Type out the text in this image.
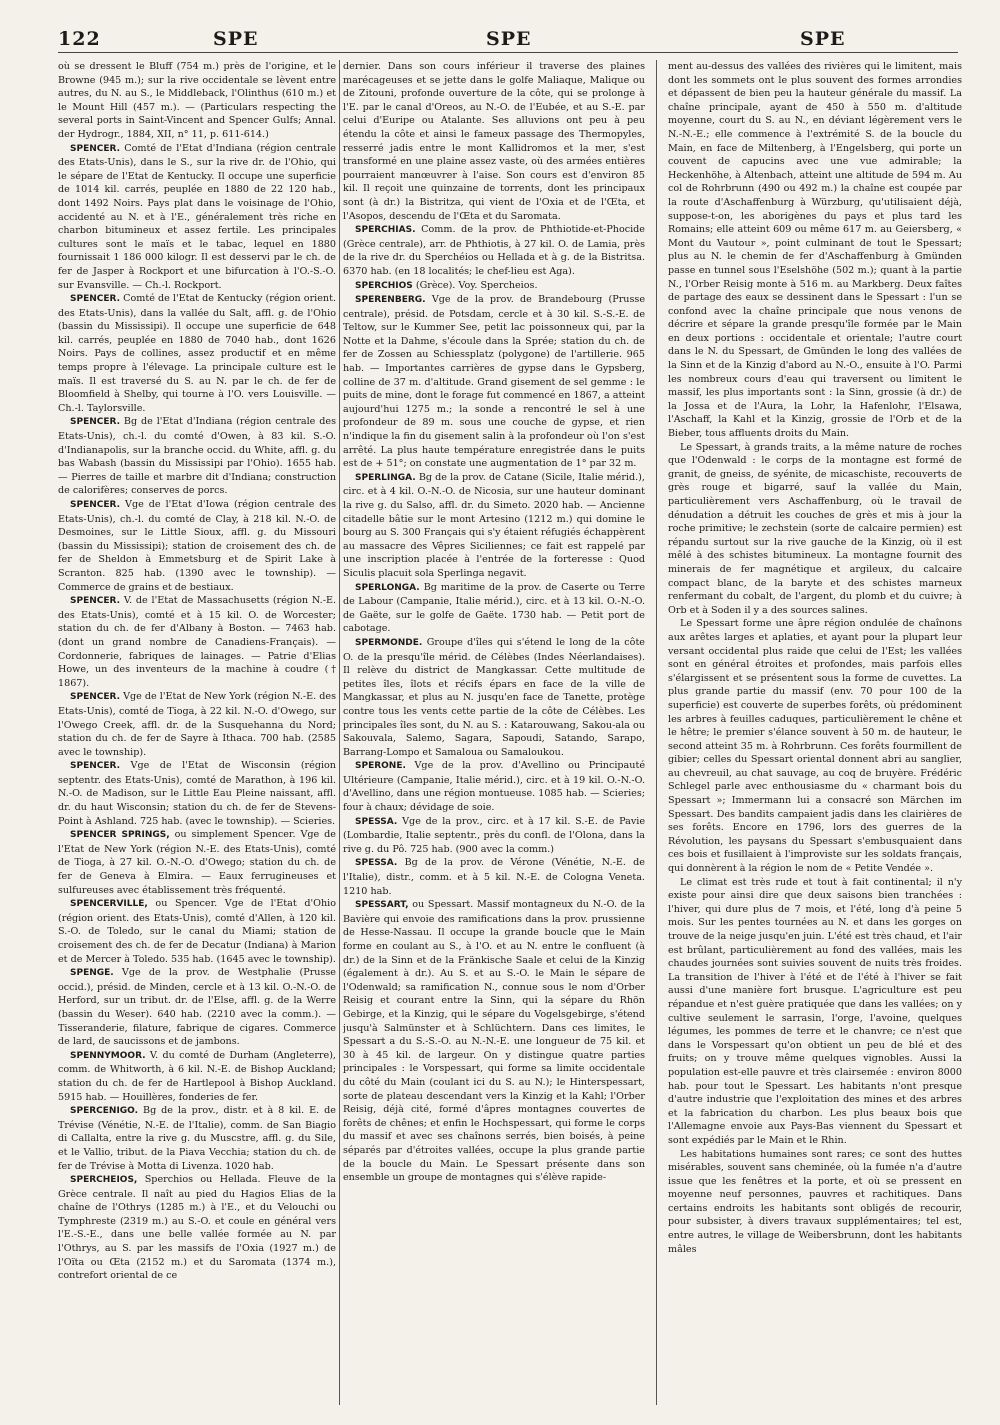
122	SPE	SPE	SPE

où se dressent le Bluff (754 m.) près de l'origine, et le Browne (945 m.); sur la rive occidentale se lèvent entre autres, du N. au S., le Middleback, l'Olinthus (610 m.) et le Mount Hill (457 m.). — (Particulars respecting the several ports in Saint-Vincent and Spencer Gulfs; Annal. der Hydrogr., 1884, XII, n° 11, p. 611-614.)

SPENCER. Comté de l'Etat d'Indiana (région centrale des Etats-Unis), dans le S., sur la rive dr. de l'Ohio, qui le sépare de l'Etat de Kentucky. Il occupe une superficie de 1014 kil. carrés, peuplée en 1880 de 22 120 hab., dont 1492 Noirs. Pays plat dans le voisinage de l'Ohio, accidenté au N. et à l'E., généralement très riche en charbon bitumineux et assez fertile. Les principales cultures sont le maïs et le tabac, lequel en 1880 fournissait 1 186 000 kilogr. Il est desservi par le ch. de fer de Jasper à Rockport et une bifurcation à l'O.-S.-O. sur Evansville. — Ch.-l. Rockport.

SPENCER. Comté de l'Etat de Kentucky (région orient. des Etats-Unis), dans la vallée du Salt, affl. g. de l'Ohio (bassin du Mississipi). Il occupe une superficie de 648 kil. carrés, peuplée en 1880 de 7040 hab., dont 1626 Noirs. Pays de collines, assez productif et en même temps propre à l'élevage. La principale culture est le maïs. Il est traversé du S. au N. par le ch. de fer de Bloomfield à Shelby, qui tourne à l'O. vers Louisville. — Ch.-l. Taylorsville.

SPENCER. Bg de l'Etat d'Indiana (région centrale des Etats-Unis), ch.-l. du comté d'Owen, à 83 kil. S.-O. d'Indianapolis, sur la branche occid. du White, affl. g. du bas Wabash (bassin du Mississipi par l'Ohio). 1655 hab. — Pierres de taille et marbre dit d'Indiana; construction de calorifères; conserves de porcs.

SPENCER. Vge de l'Etat d'Iowa (région centrale des Etats-Unis), ch.-l. du comté de Clay, à 218 kil. N.-O. de Desmoines, sur le Little Sioux, affl. g. du Missouri (bassin du Mississipi); station de croisement des ch. de fer de Sheldon à Emmetsburg et de Spirit Lake à Scranton. 825 hab. (1390 avec le township). — Commerce de grains et de bestiaux.

SPENCER. V. de l'Etat de Massachusetts (région N.-E. des Etats-Unis), comté et à 15 kil. O. de Worcester; station du ch. de fer d'Albany à Boston. — 7463 hab. (dont un grand nombre de Canadiens-Français). — Cordonnerie, fabriques de lainages. — Patrie d'Elias Howe, un des inventeurs de la machine à coudre († 1867).

SPENCER. Vge de l'Etat de New York (région N.-E. des Etats-Unis), comté de Tioga, à 22 kil. N.-O. d'Owego, sur l'Owego Creek, affl. dr. de la Susquehanna du Nord; station du ch. de fer de Sayre à Ithaca. 700 hab. (2585 avec le township).

SPENCER. Vge de l'Etat de Wisconsin (région septentr. des Etats-Unis), comté de Marathon, à 196 kil. N.-O. de Madison, sur le Little Eau Pleine naissant, affl. dr. du haut Wisconsin; station du ch. de fer de Stevens-Point à Ashland. 725 hab. (avec le township). — Scieries.

SPENCER SPRINGS, ou simplement Spencer. Vge de l'Etat de New York (région N.-E. des Etats-Unis), comté de Tioga, à 27 kil. O.-N.-O. d'Owego; station du ch. de fer de Geneva à Elmira. — Eaux ferrugineuses et sulfureuses avec établissement très fréquenté.

SPENCERVILLE, ou Spencer. Vge de l'Etat d'Ohio (région orient. des Etats-Unis), comté d'Allen, à 120 kil. S.-O. de Toledo, sur le canal du Miami; station de croisement des ch. de fer de Decatur (Indiana) à Marion et de Mercer à Toledo. 535 hab. (1645 avec le township).

SPENGE. Vge de la prov. de Westphalie (Prusse occid.), présid. de Minden, cercle et à 13 kil. O.-N.-O. de Herford, sur un tribut. dr. de l'Else, affl. g. de la Werre (bassin du Weser). 640 hab. (2210 avec la comm.). — Tisseranderie, filature, fabrique de cigares. Commerce de lard, de saucissons et de jambons.

SPENNYMOOR. V. du comté de Durham (Angleterre), comm. de Whitworth, à 6 kil. N.-E. de Bishop Auckland; station du ch. de fer de Hartlepool à Bishop Auckland. 5915 hab. — Houillères, fonderies de fer.

SPERCENIGO. Bg de la prov., distr. et à 8 kil. E. de Trévise (Vénétie, N.-E. de l'Italie), comm. de San Biagio di Callalta, entre la rive g. du Muscstre, affl. g. du Sile, et le Vallio, tribut. de la Piava Vecchia; station du ch. de fer de Trévise à Motta di Livenza. 1020 hab.

SPERCHEIOS, Sperchios ou Hellada. Fleuve de la Grèce centrale. Il naît au pied du Hagios Elias de la chaîne de l'Othrys (1285 m.) à l'E., et du Velouchi ou Tymphreste (2319 m.) au S.-O. et coule en général vers l'E.-S.-E., dans une belle vallée formée au N. par l'Othrys, au S. par les massifs de l'Oxia (1927 m.) de l'Oïta ou Œta (2152 m.) et du Saromata (1374 m.), contrefort oriental de ce

dernier. Dans son cours inférieur il traverse des plaines marécageuses et se jette dans le golfe Maliaque, Malique ou de Zitouni, profonde ouverture de la côte, qui se prolonge à l'E. par le canal d'Oreos, au N.-O. de l'Eubée, et au S.-E. par celui d'Euripe ou Atalante. Ses alluvions ont peu à peu étendu la côte et ainsi le fameux passage des Thermopyles, resserré jadis entre le mont Kallidromos et la mer, s'est transformé en une plaine assez vaste, où des armées entières pourraient manœuvrer à l'aise. Son cours est d'environ 85 kil. Il reçoit une quinzaine de torrents, dont les principaux sont (à dr.) la Bistritza, qui vient de l'Oxia et de l'Œta, et l'Asopos, descendu de l'Œta et du Saromata.

SPERCHIAS. Comm. de la prov. de Phthiotide-et-Phocide (Grèce centrale), arr. de Phthiotis, à 27 kil. O. de Lamia, près de la rive dr. du Sperchéios ou Hellada et à g. de la Bistritsa. 6370 hab. (en 18 localités; le chef-lieu est Aga).

SPERCHIOS (Grèce). Voy. Spercheios.

SPERENBERG. Vge de la prov. de Brandebourg (Prusse centrale), présid. de Potsdam, cercle et à 30 kil. S.-S.-E. de Teltow, sur le Kummer See, petit lac poissonneux qui, par la Notte et la Dahme, s'écoule dans la Sprée; station du ch. de fer de Zossen au Schiessplatz (polygone) de l'artillerie. 965 hab. — Importantes carrières de gypse dans le Gypsberg, colline de 37 m. d'altitude. Grand gisement de sel gemme : le puits de mine, dont le forage fut commencé en 1867, a atteint aujourd'hui 1275 m.; la sonde a rencontré le sel à une profondeur de 89 m. sous une couche de gypse, et rien n'indique la fin du gisement salin à la profondeur où l'on s'est arrêté. La plus haute température enregistrée dans le puits est de + 51°; on constate une augmentation de 1° par 32 m.

SPERLINGA. Bg de la prov. de Catane (Sicile, Italie mérid.), circ. et à 4 kil. O.-N.-O. de Nicosia, sur une hauteur dominant la rive g. du Salso, affl. dr. du Simeto. 2020 hab. — Ancienne citadelle bâtie sur le mont Artesino (1212 m.) qui domine le bourg au S. 300 Français qui s'y étaient réfugiés échappèrent au massacre des Vêpres Siciliennes; ce fait est rappelé par une inscription placée à l'entrée de la forteresse : Quod Siculis placuit sola Sperlinga negavit.

SPERLONGA. Bg maritime de la prov. de Caserte ou Terre de Labour (Campanie, Italie mérid.), circ. et à 13 kil. O.-N.-O. de Gaëte, sur le golfe de Gaëte. 1730 hab. — Petit port de cabotage.

SPERMONDE. Groupe d'îles qui s'étend le long de la côte O. de la presqu'île mérid. de Célèbes (Indes Néerlandaises). Il relève du district de Mangkassar. Cette multitude de petites îles, îlots et récifs épars en face de la ville de Mangkassar, et plus au N. jusqu'en face de Tanette, protège contre tous les vents cette partie de la côte de Célèbes. Les principales îles sont, du N. au S. : Katarouwang, Sakou-ala ou Sakouvala, Salemo, Sagara, Sapoudi, Satando, Sarapo, Barrang-Lompo et Samaloua ou Samaloukou.

SPERONE. Vge de la prov. d'Avellino ou Principauté Ultérieure (Campanie, Italie mérid.), circ. et à 19 kil. O.-N.-O. d'Avellino, dans une région montueuse. 1085 hab. — Scieries; four à chaux; dévidage de soie.

SPESSA. Vge de la prov., circ. et à 17 kil. S.-E. de Pavie (Lombardie, Italie septentr., près du confl. de l'Olona, dans la rive g. du Pô. 725 hab. (900 avec la comm.)

SPESSA. Bg de la prov. de Vérone (Vénétie, N.-E. de l'Italie), distr., comm. et à 5 kil. N.-E. de Cologna Veneta. 1210 hab.

SPESSART, ou Spessart. Massif montagneux du N.-O. de la Bavière qui envoie des ramifications dans la prov. prussienne de Hesse-Nassau. Il occupe la grande boucle que le Main forme en coulant au S., à l'O. et au N. entre le confluent (à dr.) de la Sinn et de la Fränkische Saale et celui de la Kinzig (également à dr.). Au S. et au S.-O. le Main le sépare de l'Odenwald; sa ramification N., connue sous le nom d'Orber Reisig et courant entre la Sinn, qui la sépare du Rhön Gebirge, et la Kinzig, qui le sépare du Vogelsgebirge, s'étend jusqu'à Salmünster et à Schlüchtern. Dans ces limites, le Spessart a du S.-S.-O. au N.-N.-E. une longueur de 75 kil. et 30 à 45 kil. de largeur. On y distingue quatre parties principales : le Vorspessart, qui forme sa limite occidentale du côté du Main (coulant ici du S. au N.); le Hinterspessart, sorte de plateau descendant vers la Kinzig et la Kahl; l'Orber Reisig, déjà cité, formé d'âpres montagnes couvertes de forêts de chênes; et enfin le Hochspessart, qui forme le corps du massif et avec ses chaînons serrés, bien boisés, à peine séparés par d'étroites vallées, occupe la plus grande partie de la boucle du Main. Le Spessart présente dans son ensemble un groupe de montagnes qui s'élève rapide-

ment au-dessus des vallées des rivières qui le limitent, mais dont les sommets ont le plus souvent des formes arrondies et dépassent de bien peu la hauteur générale du massif. La chaîne principale, ayant de 450 à 550 m. d'altitude moyenne, court du S. au N., en déviant légèrement vers le N.-N.-E.; elle commence à l'extrémité S. de la boucle du Main, en face de Miltenberg, à l'Engelsberg, qui porte un couvent de capucins avec une vue admirable; la Heckenhöhe, à Altenbach, atteint une altitude de 594 m. Au col de Rohrbrunn (490 ou 492 m.) la chaîne est coupée par la route d'Aschaffenburg à Würzburg, qu'utilisaient déjà, suppose-t-on, les aborigènes du pays et plus tard les Romains; elle atteint 609 ou même 617 m. au Geiersberg, « Mont du Vautour », point culminant de tout le Spessart; plus au N. le chemin de fer d'Aschaffenburg à Gmünden passe en tunnel sous l'Eselshöhe (502 m.); quant à la partie N., l'Orber Reisig monte à 516 m. au Markberg. Deux faîtes de partage des eaux se dessinent dans le Spessart : l'un se confond avec la chaîne principale que nous venons de décrire et sépare la grande presqu'île formée par le Main en deux portions : occidentale et orientale; l'autre court dans le N. du Spessart, de Gmünden le long des vallées de la Sinn et de la Kinzig d'abord au N.-O., ensuite à l'O. Parmi les nombreux cours d'eau qui traversent ou limitent le massif, les plus importants sont : la Sinn, grossie (à dr.) de la Jossa et de l'Aura, la Lohr, la Hafenlohr, l'Elsawa, l'Aschaff, la Kahl et la Kinzig, grossie de l'Orb et de la Bieber, tous affluents droits du Main.

Le Spessart, à grands traits, a la même nature de roches que l'Odenwald : le corps de la montagne est formé de granit, de gneiss, de syénite, de micaschiste, recouverts de grès rouge et bigarré, sauf la vallée du Main, particulièrement vers Aschaffenburg, où le travail de dénudation a détruit les couches de grès et mis à jour la roche primitive; le zechstein (sorte de calcaire permien) est répandu surtout sur la rive gauche de la Kinzig, où il est mêlé à des schistes bitumineux. La montagne fournit des minerais de fer magnétique et argileux, du calcaire compact blanc, de la baryte et des schistes marneux renfermant du cobalt, de l'argent, du plomb et du cuivre; à Orb et à Soden il y a des sources salines.

Le Spessart forme une âpre région ondulée de chaînons aux arêtes larges et aplaties, et ayant pour la plupart leur versant occidental plus raide que celui de l'Est; les vallées sont en général étroites et profondes, mais parfois elles s'élargissent et se présentent sous la forme de cuvettes. La plus grande partie du massif (env. 70 pour 100 de la superficie) est couverte de superbes forêts, où prédominent les arbres à feuilles caduques, particulièrement le chêne et le hêtre; le premier s'élance souvent à 50 m. de hauteur, le second atteint 35 m. à Rohrbrunn. Ces forêts fourmillent de gibier; celles du Spessart oriental donnent abri au sanglier, au chevreuil, au chat sauvage, au coq de bruyère. Frédéric Schlegel parle avec enthousiasme du « charmant bois du Spessart »; Immermann lui a consacré son Märchen im Spessart. Des bandits campaient jadis dans les clairières de ses forêts. Encore en 1796, lors des guerres de la Révolution, les paysans du Spessart s'embusquaient dans ces bois et fusillaient à l'improviste sur les soldats français, qui donnèrent à la région le nom de « Petite Vendée ».

Le climat est très rude et tout à fait continental; il n'y existe pour ainsi dire que deux saisons bien tranchées : l'hiver, qui dure plus de 7 mois, et l'été, long d'à peine 5 mois. Sur les pentes tournées au N. et dans les gorges on trouve de la neige jusqu'en juin. L'été est très chaud, et l'air est brûlant, particulièrement au fond des vallées, mais les chaudes journées sont suivies souvent de nuits très froides. La transition de l'hiver à l'été et de l'été à l'hiver se fait aussi d'une manière fort brusque. L'agriculture est peu répandue et n'est guère pratiquée que dans les vallées; on y cultive seulement le sarrasin, l'orge, l'avoine, quelques légumes, les pommes de terre et le chanvre; ce n'est que dans le Vorspessart qu'on obtient un peu de blé et des fruits; on y trouve même quelques vignobles. Aussi la population est-elle pauvre et très clairsemée : environ 8000 hab. pour tout le Spessart. Les habitants n'ont presque d'autre industrie que l'exploitation des mines et des arbres et la fabrication du charbon. Les plus beaux bois que l'Allemagne envoie aux Pays-Bas viennent du Spessart et sont expédiés par le Main et le Rhin.

Les habitations humaines sont rares; ce sont des huttes misérables, souvent sans cheminée, où la fumée n'a d'autre issue que les fenêtres et la porte, et où se pressent en moyenne neuf personnes, pauvres et rachitiques. Dans certains endroits les habitants sont obligés de recourir, pour subsister, à divers travaux supplémentaires; tel est, entre autres, le village de Weibersbrunn, dont les habitants mâles
